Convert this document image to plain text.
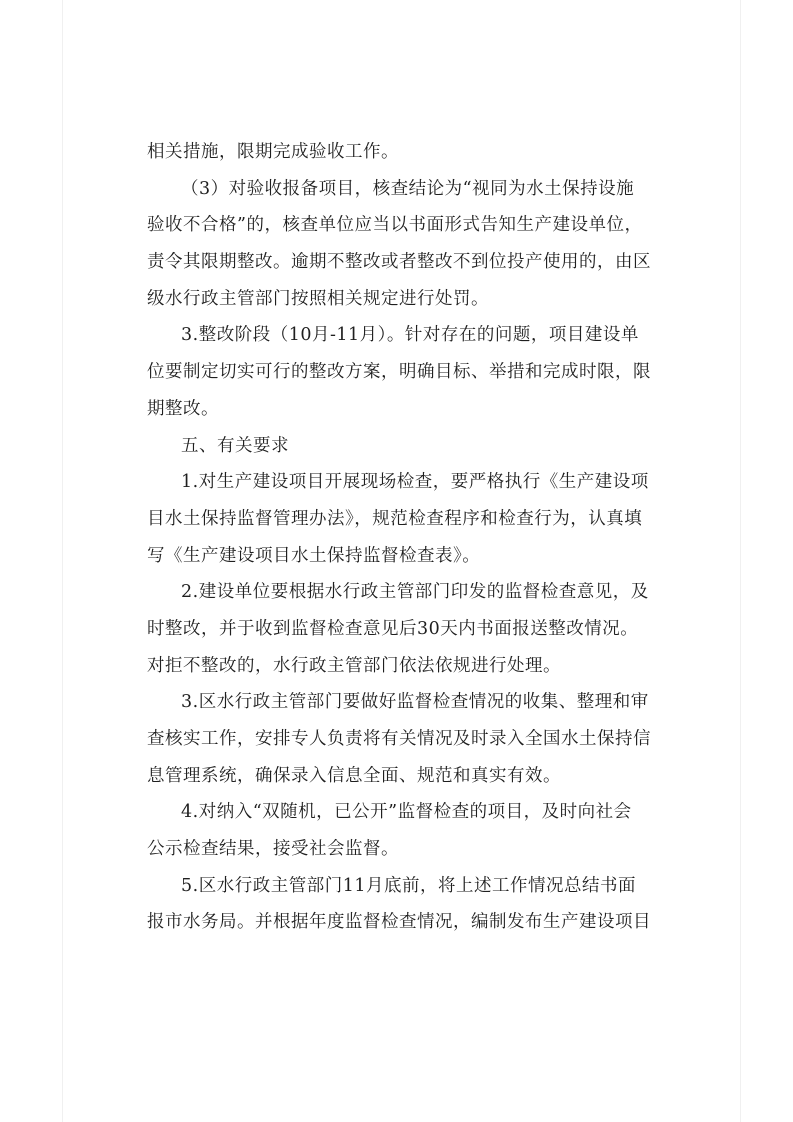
相关措施，限期完成验收工作。
（3）对验收报备项目，核查结论为“视同为水土保持设施
验收不合格”的，核查单位应当以书面形式告知生产建设单位，
责令其限期整改。逾期不整改或者整改不到位投产使用的，由区
级水行政主管部门按照相关规定进行处罚。
3.整改阶段（10月-11月）。针对存在的问题，项目建设单
位要制定切实可行的整改方案，明确目标、举措和完成时限，限
期整改。
五、有关要求
1.对生产建设项目开展现场检查，要严格执行《生产建设项
目水土保持监督管理办法》，规范检查程序和检查行为，认真填
写《生产建设项目水土保持监督检查表》。
2.建设单位要根据水行政主管部门印发的监督检查意见，及
时整改，并于收到监督检查意见后30天内书面报送整改情况。
对拒不整改的，水行政主管部门依法依规进行处理。
3.区水行政主管部门要做好监督检查情况的收集、整理和审
查核实工作，安排专人负责将有关情况及时录入全国水土保持信
息管理系统，确保录入信息全面、规范和真实有效。
4.对纳入“双随机，已公开”监督检查的项目，及时向社会
公示检查结果，接受社会监督。
5.区水行政主管部门11月底前，将上述工作情况总结书面
报市水务局。并根据年度监督检查情况，编制发布生产建设项目
